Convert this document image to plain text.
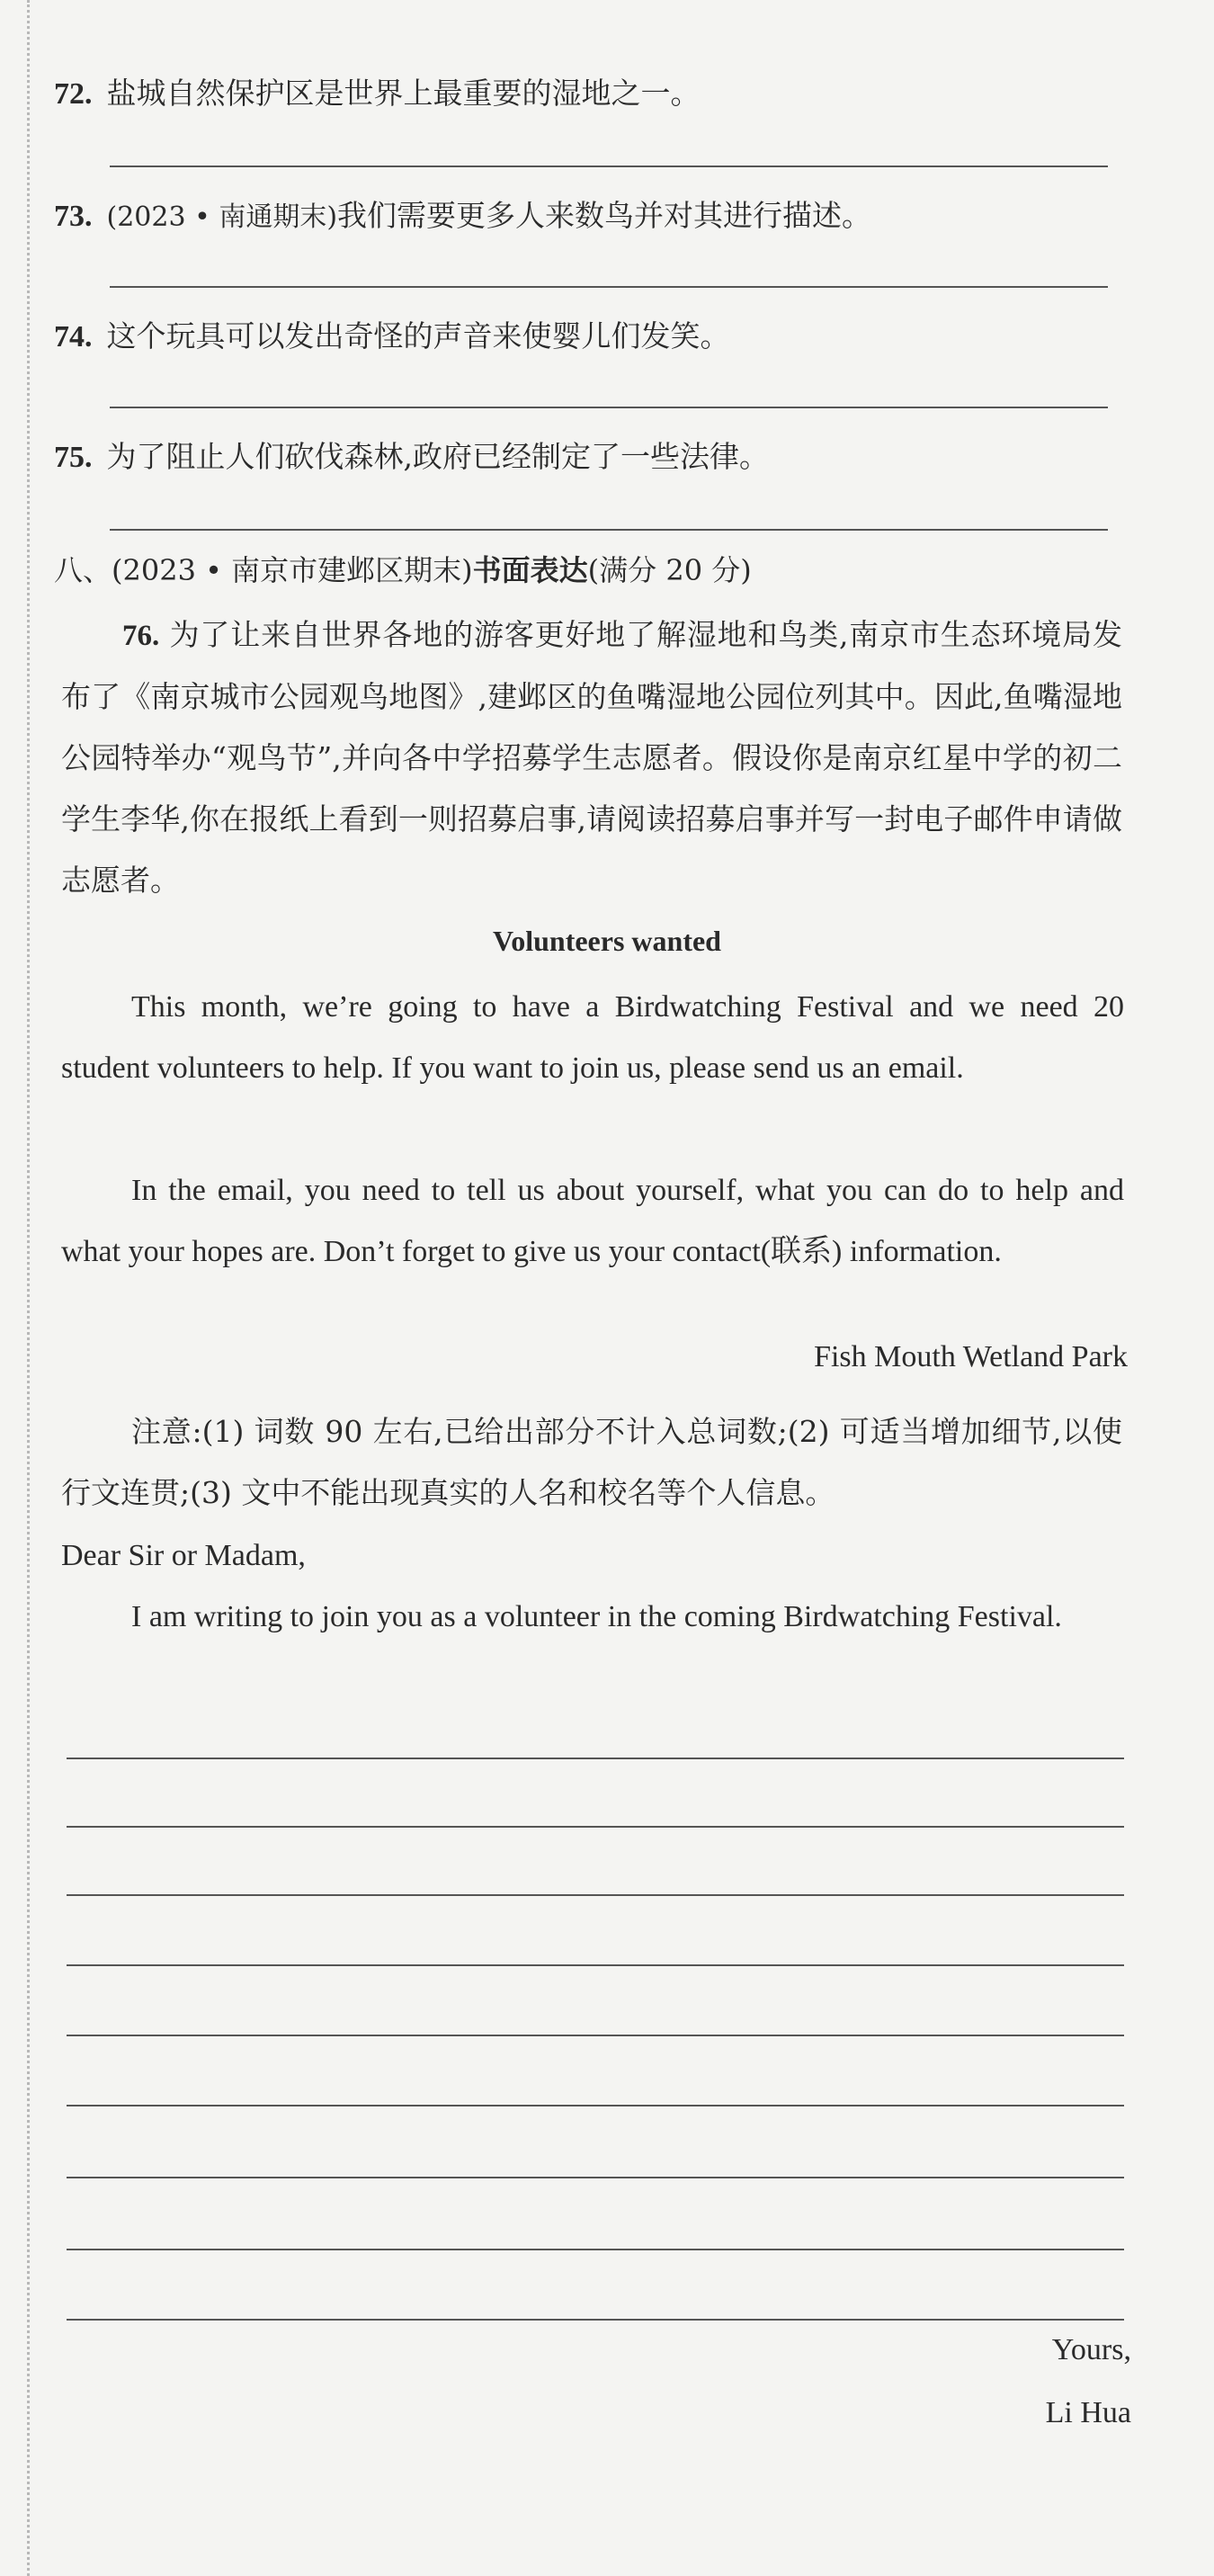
72. 盐城自然保护区是世界上最重要的湿地之一。
73. (2023 • 南通期末)我们需要更多人来数鸟并对其进行描述。
74. 这个玩具可以发出奇怪的声音来使婴儿们发笑。
75. 为了阻止人们砍伐森林,政府已经制定了一些法律。
八、(2023 • 南京市建邺区期末)书面表达(满分 20 分)
76. 为了让来自世界各地的游客更好地了解湿地和鸟类,南京市生态环境局发布了《南京城市公园观鸟地图》,建邺区的鱼嘴湿地公园位列其中。因此,鱼嘴湿地公园特举办“观鸟节”,并向各中学招募学生志愿者。假设你是南京红星中学的初二学生李华,你在报纸上看到一则招募启事,请阅读招募启事并写一封电子邮件申请做志愿者。
Volunteers wanted
This month, we’re going to have a Birdwatching Festival and we need 20 student volunteers to help. If you want to join us, please send us an email.
In the email, you need to tell us about yourself, what you can do to help and what your hopes are. Don’t forget to give us your contact(联系) information.
Fish Mouth Wetland Park
注意:(1) 词数 90 左右,已给出部分不计入总词数;(2) 可适当增加细节,以使行文连贯;(3) 文中不能出现真实的人名和校名等个人信息。
Dear Sir or Madam,
I am writing to join you as a volunteer in the coming Birdwatching Festival.
Yours,
Li Hua
